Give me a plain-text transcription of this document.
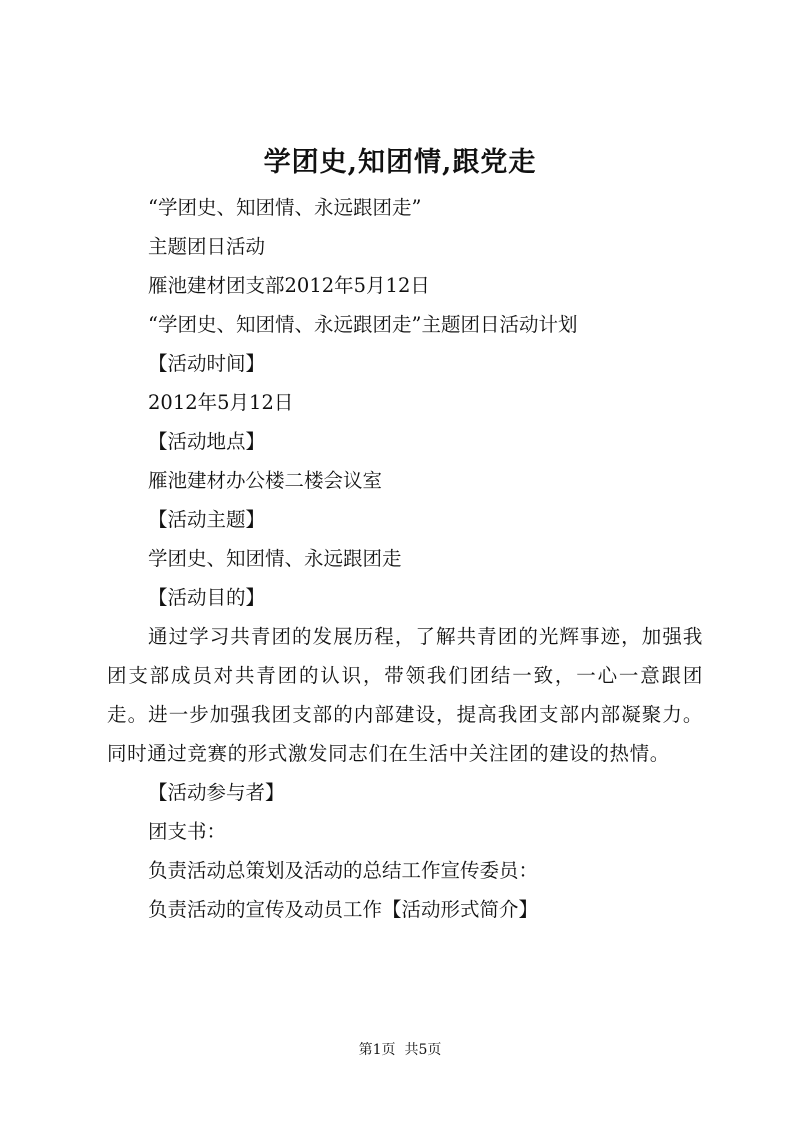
学团史,知团情,跟党走
“学团史、知团情、永远跟团走”
主题团日活动
雁池建材团支部2012年5月12日
“学团史、知团情、永远跟团走”主题团日活动计划
【活动时间】
2012年5月12日
【活动地点】
雁池建材办公楼二楼会议室
【活动主题】
学团史、知团情、永远跟团走
【活动目的】
通过学习共青团的发展历程，了解共青团的光辉事迹，加强我团支部成员对共青团的认识，带领我们团结一致，一心一意跟团走。进一步加强我团支部的内部建设，提高我团支部内部凝聚力。同时通过竞赛的形式激发同志们在生活中关注团的建设的热情。
【活动参与者】
团支书：
负责活动总策划及活动的总结工作宣传委员：
负责活动的宣传及动员工作【活动形式简介】
第1页  共5页
